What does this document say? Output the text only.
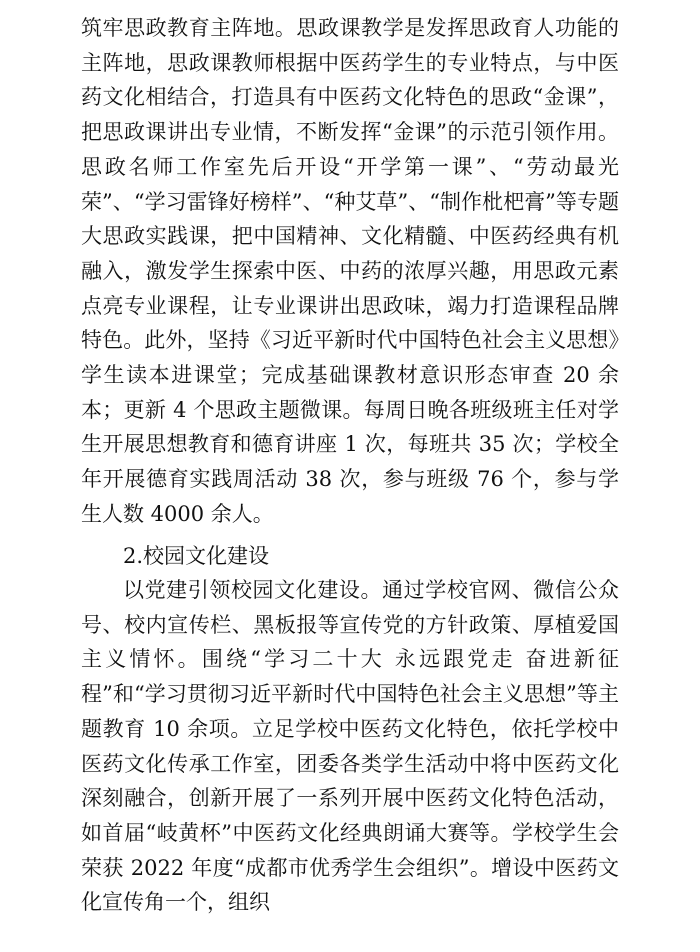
筑牢思政教育主阵地。思政课教学是发挥思政育人功能的主阵地，思政课教师根据中医药学生的专业特点，与中医药文化相结合，打造具有中医药文化特色的思政“金课”，把思政课讲出专业情，不断发挥“金课”的示范引领作用。思政名师工作室先后开设“开学第一课”、“劳动最光荣”、“学习雷锋好榜样”、“种艾草”、“制作枇杷膏”等专题大思政实践课，把中国精神、文化精髓、中医药经典有机融入，激发学生探索中医、中药的浓厚兴趣，用思政元素点亮专业课程，让专业课讲出思政味，竭力打造课程品牌特色。此外，坚持《习近平新时代中国特色社会主义思想》学生读本进课堂；完成基础课教材意识形态审查 20 余本；更新 4 个思政主题微课。每周日晚各班级班主任对学生开展思想教育和德育讲座 1 次，每班共 35 次；学校全年开展德育实践周活动 38 次，参与班级 76 个，参与学生人数 4000 余人。

2.校园文化建设

以党建引领校园文化建设。通过学校官网、微信公众号、校内宣传栏、黑板报等宣传党的方针政策、厚植爱国主义情怀。围绕“学习二十大 永远跟党走 奋进新征程”和“学习贯彻习近平新时代中国特色社会主义思想”等主题教育 10 余项。立足学校中医药文化特色，依托学校中医药文化传承工作室，团委各类学生活动中将中医药文化深刻融合，创新开展了一系列开展中医药文化特色活动，如首届“岐黄杯”中医药文化经典朗诵大赛等。学校学生会荣获 2022 年度“成都市优秀学生会组织”。增设中医药文化宣传角一个，组织
